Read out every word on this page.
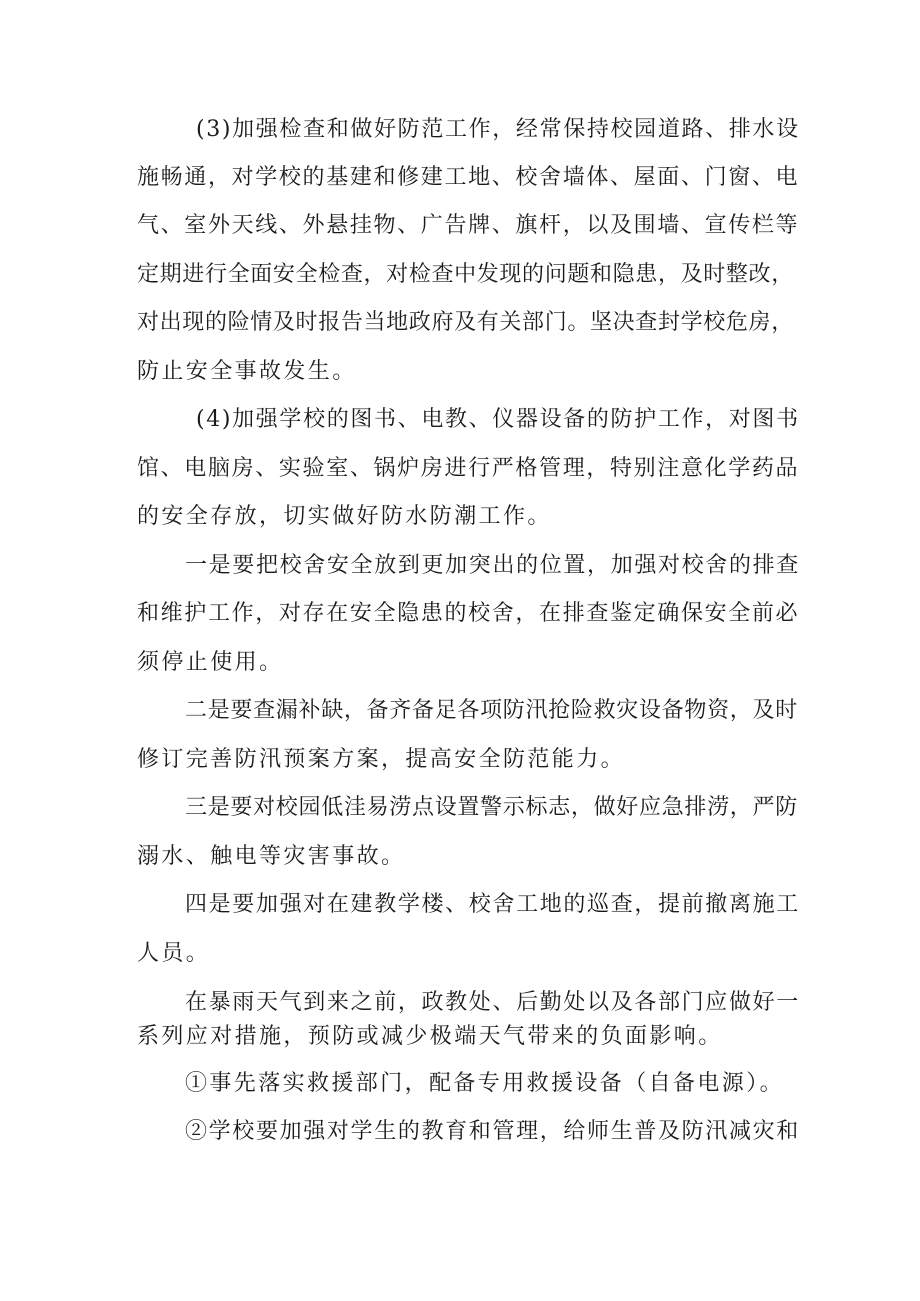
(3)加强检查和做好防范工作，经常保持校园道路、排水设
施畅通，对学校的基建和修建工地、校舍墙体、屋面、门窗、电
气、室外天线、外悬挂物、广告牌、旗杆，以及围墙、宣传栏等
定期进行全面安全检查，对检查中发现的问题和隐患，及时整改，
对出现的险情及时报告当地政府及有关部门。坚决查封学校危房，
防止安全事故发生。
(4)加强学校的图书、电教、仪器设备的防护工作，对图书
馆、电脑房、实验室、锅炉房进行严格管理，特别注意化学药品
的安全存放，切实做好防水防潮工作。
一是要把校舍安全放到更加突出的位置，加强对校舍的排查
和维护工作，对存在安全隐患的校舍，在排查鉴定确保安全前必
须停止使用。
二是要查漏补缺，备齐备足各项防汛抢险救灾设备物资，及时
修订完善防汛预案方案，提高安全防范能力。
三是要对校园低洼易涝点设置警示标志，做好应急排涝，严防
溺水、触电等灾害事故。
四是要加强对在建教学楼、校舍工地的巡查，提前撤离施工
人员。
在暴雨天气到来之前，政教处、后勤处以及各部门应做好一
系列应对措施，预防或减少极端天气带来的负面影响。
①事先落实救援部门，配备专用救援设备（自备电源）。
②学校要加强对学生的教育和管理，给师生普及防汛减灾和
